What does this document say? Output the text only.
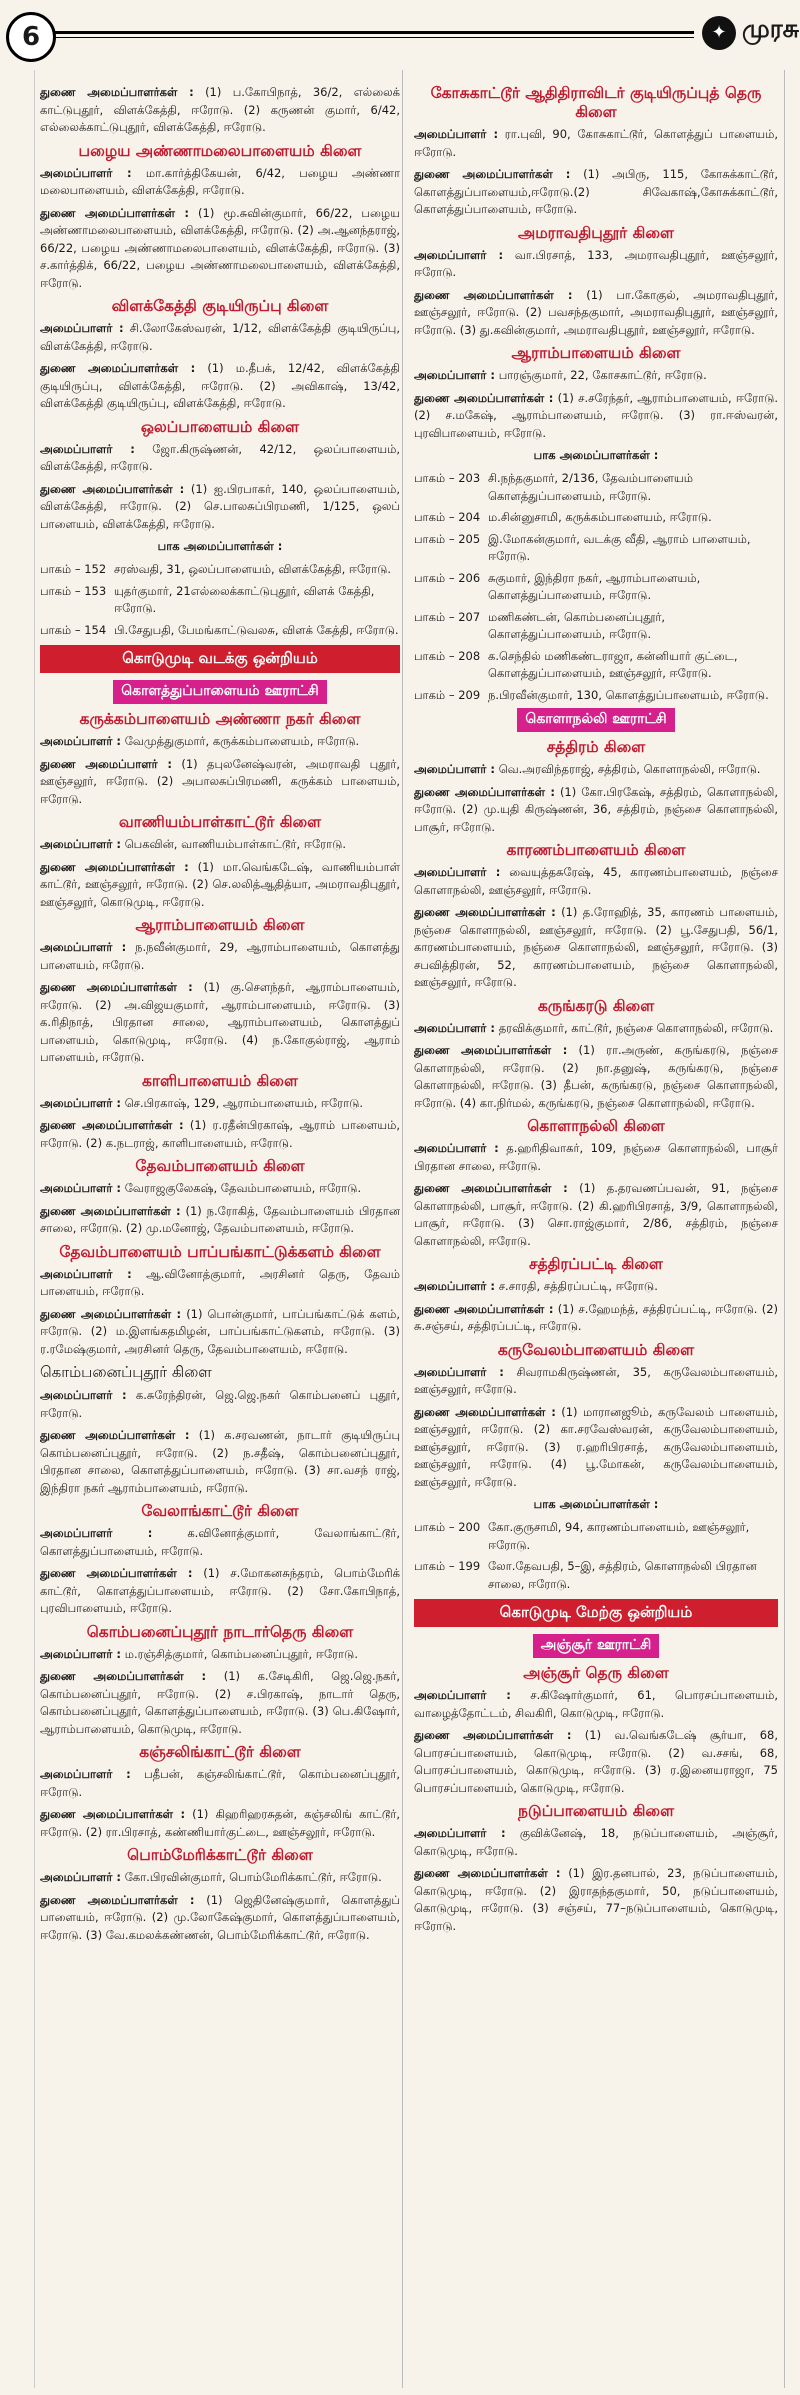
6	✦ முரசு
துணை அமைப்பாளர்கள் : (1) ப.கோபிநாத், 36/2, எல்லைக் காட்டுபுதூர், விளக்கேத்தி, ஈரோடு. (2) கருணன் குமார், 6/42, எல்லைக்காட்டுபுதூர், விளக்கேத்தி, ஈரோடு.
பழைய அண்ணாமலைபாளையம் கிளை
அமைப்பாளர் : மா.கார்த்திகேயன், 6/42, பழைய அண்ணா மலைபாளையம், விளக்கேத்தி, ஈரோடு.
துணை அமைப்பாளர்கள் : (1) மூ.சுவின்குமார், 66/22, பழைய அண்ணாமலைபாளையம், விளக்கேத்தி, ஈரோடு. (2) அ.ஆனந்தராஜ், 66/22, பழைய அண்ணாமலைபாளையம், விளக்கேத்தி, ஈரோடு. (3) ச.கார்த்திக், 66/22, பழைய அண்ணாமலைபாளையம், விளக்கேத்தி, ஈரோடு.
விளக்கேத்தி குடியிருப்பு கிளை
அமைப்பாளர் : சி.லோகேஸ்வரன், 1/12, விளக்கேத்தி குடியிருப்பு, விளக்கேத்தி, ஈரோடு.
துணை அமைப்பாளர்கள் : (1) ம.தீபக், 12/42, விளக்கேத்தி குடியிருப்பு, விளக்கேத்தி, ஈரோடு. (2) அவிகாஷ், 13/42, விளக்கேத்தி குடியிருப்பு, விளக்கேத்தி, ஈரோடு.
ஒலப்பாளையம் கிளை
அமைப்பாளர் : ஜோ.கிருஷ்ணன், 42/12, ஒலப்பாளையம், விளக்கேத்தி, ஈரோடு.
துணை அமைப்பாளர்கள் : (1) ஐ.பிரபாகர், 140, ஒலப்பாளையம், விளக்கேத்தி, ஈரோடு. (2) செ.பாலசுப்பிரமணி, 1/125, ஒலப் பாளையம், விளக்கேத்தி, ஈரோடு.
பாக அமைப்பாளர்கள் :
பாகம் – 152 சரஸ்வதி, 31, ஒலப்பாளையம், விளக்கேத்தி, ஈரோடு.
பாகம் – 153 யுதர்குமார், 21எல்லைக்காட்டுபுதூர், விளக் கேத்தி, ஈரோடு.
பாகம் – 154 பி.சேதுபதி, பேமங்காட்டுவலசு, விளக் கேத்தி, ஈரோடு.
கொடுமுடி வடக்கு ஒன்றியம்
கொளத்துப்பாளையம் ஊராட்சி
கருக்கம்பாளையம் அண்ணா நகர் கிளை
அமைப்பாளர் : வேமுத்துகுமார், கருக்கம்பாளையம், ஈரோடு.
துணை அமைப்பாளர் : (1) தபுலனேஷ்வரன், அமராவதி புதூர், ஊஞ்சலூர், ஈரோடு. (2) அபாலசுப்பிரமணி, கருக்கம் பாளையம், ஈரோடு.
வாணியம்பாள்காட்டூர் கிளை
அமைப்பாளர் : பெகவின், வாணியம்பாள்காட்டூர், ஈரோடு.
துணை அமைப்பாளர்கள் : (1) மா.வெங்கடேஷ், வாணியம்பாள் காட்டூர், ஊஞ்சலூர், ஈரோடு. (2) செ.லலித்ஆதித்யா, அமராவதிபுதூர், ஊஞ்சலூர், கொடுமுடி, ஈரோடு.
ஆராம்பாளையம் கிளை
அமைப்பாளர் : ந.நவீன்குமார், 29, ஆராம்பாளையம், கொளத்து பாளையம், ஈரோடு.
துணை அமைப்பாளர்கள் : (1) கு.செளந்தர், ஆராம்பாளையம், ஈரோடு. (2) அ.விஜயகுமார், ஆராம்பாளையம், ஈரோடு. (3) க.ரிதிநாத், பிரதான சாலை, ஆராம்பாளையம், கொளத்துப் பாளையம், கொடுமுடி, ஈரோடு. (4) ந.கோகுல்ராஜ், ஆராம் பாளையம், ஈரோடு.
காளிபாளையம் கிளை
அமைப்பாளர் : செ.பிரகாஷ், 129, ஆராம்பாளையம், ஈரோடு.
துணை அமைப்பாளர்கள் : (1) ர.ரதீன்பிரகாஷ், ஆராம் பாளையம், ஈரோடு. (2) க.நடராஜ், காளிபாளையம், ஈரோடு.
தேவம்பாளையம் கிளை
அமைப்பாளர் : வேராஜகுலேகஷ், தேவம்பாளையம், ஈரோடு.
துணை அமைப்பாளர்கள் : (1) ந.ரோகித், தேவம்பாளையம் பிரதான சாலை, ஈரோடு. (2) மு.மனோஜ், தேவம்பாளையம், ஈரோடு.
தேவம்பாளையம் பாப்பங்காட்டுக்களம் கிளை
அமைப்பாளர் : ஆ.வினோத்குமார், அரசினர் தெரு, தேவம் பாளையம், ஈரோடு.
துணை அமைப்பாளர்கள் : (1) பொன்குமார், பாப்பங்காட்டுக் களம், ஈரோடு. (2) ம.இளங்கதமிழன், பாப்பங்காட்டுகளம், ஈரோடு. (3) ர.ரமேஷ்குமார், அரசினர் தெரு, தேவம்பாளையம், ஈரோடு.
கொம்பனைப்புதூர் கிளை
அமைப்பாளர் : க.சுரேந்திரன், ஜெ.ஜெ.நகர் கொம்பனைப் புதூர், ஈரோடு.
துணை அமைப்பாளர்கள் : (1) க.சரவணன், நாடார் குடியிருப்பு கொம்பனைப்புதூர், ஈரோடு. (2) ந.சதீஷ், கொம்பனைப்புதூர், பிரதான சாலை, கொளத்துப்பாளையம், ஈரோடு. (3) சா.வசந் ராஜ், இந்திரா நகர் ஆராம்பாளையம், ஈரோடு.
வேலாங்காட்டூர் கிளை
அமைப்பாளர் :	க.வினோத்குமார், வேலாங்காட்டூர், கொளத்துப்பாளையம், ஈரோடு.
துணை அமைப்பாளர்கள் : (1) ச.மோகனசுந்தரம், பொம்மேரிக் காட்டூர், கொளத்துப்பாளையம், ஈரோடு. (2) சோ.கோபிநாத், புரவிபாளையம், ஈரோடு.
கொம்பனைப்புதூர் நாடார்தெரு கிளை
அமைப்பாளர் : ம.ரஞ்சித்குமார், கொம்பனைப்புதூர், ஈரோடு.
துணை அமைப்பாளர்கள் : (1) க.சேடிகிரி, ஜெ.ஜெ.நகர், கொம்பனைப்புதூர், ஈரோடு. (2) ச.பிரகாஷ், நாடார் தெரு, கொம்பனைப்புதூர், கொளத்துப்பாளையம், ஈரோடு. (3) பெ.கிஷோர், ஆராம்பாளையம், கொடுமுடி, ஈரோடு.
கஞ்சலிங்காட்டூர் கிளை
அமைப்பாளர் : பதீபன், கஞ்சலிங்காட்டூர், கொம்பனைப்புதூர், ஈரோடு.
துணை அமைப்பாளர்கள் : (1) கிஹரிஹரசுதன், கஞ்சலிங் காட்டூர், ஈரோடு. (2) ரா.பிரசாத், கண்ணியார்குட்டை, ஊஞ்சலூர், ஈரோடு.
பொம்மேரிக்காட்டூர் கிளை
அமைப்பாளர் : கோ.பிரவின்குமார், பொம்மேரிக்காட்டூர், ஈரோடு.
துணை அமைப்பாளர்கள் : (1) ஜெதினேஷ்குமார், கொளத்துப் பாளையம், ஈரோடு. (2) மு.லோகேஷ்குமார், கொளத்துப்பாளையம், ஈரோடு. (3) வே.கமலக்கண்ணன், பொம்மேரிக்காட்டூர், ஈரோடு.
கோசுகாட்டூர் ஆதிதிராவிடர் குடியிருப்புத் தெரு கிளை
அமைப்பாளர் : ரா.புவி, 90, கோசுகாட்டூர், கொளத்துப் பாளையம், ஈரோடு.
துணை அமைப்பாளர்கள் : (1) அபிரு, 115, கோசுக்காட்டூர், கொளத்துப்பாளையம்,ஈரோடு.(2) சிவேகாஷ்,கோசுக்காட்டூர், கொளத்துப்பாளையம், ஈரோடு.
அமராவதிபுதூர் கிளை
அமைப்பாளர் : வா.பிரசாத், 133, அமராவதிபுதூர், ஊஞ்சலூர், ஈரோடு.
துணை அமைப்பாளர்கள் : (1) பா.கோகுல், அமராவதிபுதூர், ஊஞ்சலூர், ஈரோடு. (2) பவசந்தகுமார், அமராவதிபுதூர், ஊஞ்சலூர், ஈரோடு. (3) து.கவின்குமார், அமராவதிபுதூர், ஊஞ்சலூர், ஈரோடு.
ஆராம்பாளையம் கிளை
அமைப்பாளர் : பாரஞ்குமார், 22, கோசகாட்டூர், ஈரோடு.
துணை அமைப்பாளர்கள் : (1) ச.சரேந்தர், ஆராம்பாளையம், ஈரோடு. (2) ச.மகேஷ், ஆராம்பாளையம், ஈரோடு. (3) ரா.ஈஸ்வரன், புரவிபாளையம், ஈரோடு.
பாக அமைப்பாளர்கள் :
பாகம் – 203 சி.நந்தகுமார், 2/136, தேவம்பாளையம் கொளத்துப்பாளையம், ஈரோடு.
பாகம் – 204 ம.சின்னுசாமி, கருக்கம்பாளையம், ஈரோடு.
பாகம் – 205 இ.மோகன்குமார், வடக்கு வீதி, ஆராம் பாளையம், ஈரோடு.
பாகம் – 206 சுகுமார், இந்திரா நகர், ஆராம்பாளையம், கொளத்துப்பாளையம், ஈரோடு.
பாகம் – 207 மணிகண்டன், கொம்பனைப்புதூர், கொளத்துப்பாளையம், ஈரோடு.
பாகம் – 208 க.செந்தில் மணிகண்டராஜா, கன்னியார் குட்டை, கொளத்துப்பாளையம், ஊஞ்சலூர், ஈரோடு.
பாகம் – 209 ந.பிரவீன்குமார், 130, கொளத்துப்பாளையம், ஈரோடு.
கொளாநல்லி ஊராட்சி
சத்திரம் கிளை
அமைப்பாளர் : வெ.அரவிந்தராஜ், சத்திரம், கொளாநல்லி, ஈரோடு.
துணை அமைப்பாளர்கள் : (1) கோ.பிரகேஷ், சத்திரம், கொளாநல்லி, ஈரோடு. (2) மு.யுதி கிருஷ்ணன், 36, சத்திரம், நஞ்சை கொளாநல்லி, பாசூர், ஈரோடு.
காரணம்பாளையம் கிளை
அமைப்பாளர் : வையுத்தசுரேஷ், 45, காரணம்பாளையம், நஞ்சை கொளாநல்லி, ஊஞ்சலூர், ஈரோடு.
துணை அமைப்பாளர்கள் : (1) த.ரோஹித், 35, காரணம் பாளையம், நஞ்சை கொளாநல்லி, ஊஞ்சலூர், ஈரோடு. (2) பூ.சேதுபதி, 56/1, காரணம்பாளையம், நஞ்சை கொளாநல்லி, ஊஞ்சலூர், ஈரோடு. (3) சபவித்திரன், 52, காரணம்பாளையம், நஞ்சை கொளாநல்லி, ஊஞ்சலூர், ஈரோடு.
கருங்கரடு கிளை
அமைப்பாளர் : தரவிக்குமார், காட்டூர், நஞ்சை கொளாநல்லி, ஈரோடு.
துணை அமைப்பாளர்கள் : (1) ரா.அருண், கருங்கரடு, நஞ்சை கொளாநல்லி, ஈரோடு. (2) நா.தனுஷ், கருங்கரடு, நஞ்சை கொளாநல்லி, ஈரோடு. (3) தீபன், கருங்கரடு, நஞ்சை கொளாநல்லி, ஈரோடு. (4) கா.நிர்மல், கருங்கரடு, நஞ்சை கொளாநல்லி, ஈரோடு.
கொளாநல்லி கிளை
அமைப்பாளர் : த.ஹரிதிவாகர், 109, நஞ்சை கொளாநல்லி, பாசூர் பிரதான சாலை, ஈரோடு.
துணை அமைப்பாளர்கள் : (1) த.தரவணப்பவன், 91, நஞ்சை கொளாநல்லி, பாசூர், ஈரோடு. (2) கி.ஹரிபிரசாத், 3/9, கொளாநல்லி, பாசூர், ஈரோடு. (3) சொ.ராஜ்குமார், 2/86, சத்திரம், நஞ்சை கொளாநல்லி, ஈரோடு.
சத்திரப்பட்டி கிளை
அமைப்பாளர் : ச.சாரதி, சத்திரப்பட்டி, ஈரோடு.
துணை அமைப்பாளர்கள் : (1) ச.ஹேமந்த், சத்திரப்பட்டி, ஈரோடு. (2) சு.சஞ்சய், சத்திரப்பட்டி, ஈரோடு.
கருவேலம்பாளையம் கிளை
அமைப்பாளர் : சிவராமகிருஷ்ணன், 35, கருவேலம்பாளையம், ஊஞ்சலூர், ஈரோடு.
துணை அமைப்பாளர்கள் : (1) மாரானஜூம், கருவேலம் பாளையம், ஊஞ்சலூர், ஈரோடு. (2) கா.சரவேஸ்வரன், கருவேலம்பாளையம், ஊஞ்சலூர், ஈரோடு. (3) ர.ஹரிபிரசாத், கருவேலம்பாளையம், ஊஞ்சலூர், ஈரோடு. (4) பூ.மோகன், கருவேலம்பாளையம், ஊஞ்சலூர், ஈரோடு.
பாக அமைப்பாளர்கள் :
பாகம் – 200 கோ.குருசாமி, 94, காரணம்பாளையம், ஊஞ்சலூர், ஈரோடு.
பாகம் – 199 லோ.தேவபதி, 5–இ, சத்திரம், கொளாநல்லி பிரதான சாலை, ஈரோடு.
கொடுமுடி மேற்கு ஒன்றியம்
அஞ்சூர் ஊராட்சி
அஞ்சூர் தெரு கிளை
அமைப்பாளர் : ச.கிஷோர்குமார், 61, பொரசப்பாளையம், வாழைத்தோட்டம், சிவகிரி, கொடுமுடி, ஈரோடு.
துணை அமைப்பாளர்கள் : (1) வ.வெங்கடேஷ் சூர்யா, 68, பொரசப்பாளையம், கொடுமுடி, ஈரோடு. (2) வ.சசங், 68, பொரசப்பாளையம், கொடுமுடி, ஈரோடு. (3) ர.இனையராஜா, 75 பொரசப்பாளையம், கொடுமுடி, ஈரோடு.
நடுப்பாளையம் கிளை
அமைப்பாளர் : குவிக்னேஷ், 18, நடுப்பாளையம், அஞ்சூர், கொடுமுடி, ஈரோடு.
துணை அமைப்பாளர்கள் : (1) இர.தனபால், 23, நடுப்பாளையம், கொடுமுடி, ஈரோடு. (2) இராதந்தகுமார், 50, நடுப்பாளையம், கொடுமுடி, ஈரோடு. (3) சஞ்சய், 77–நடுப்பாளையம், கொடுமுடி, ஈரோடு.
